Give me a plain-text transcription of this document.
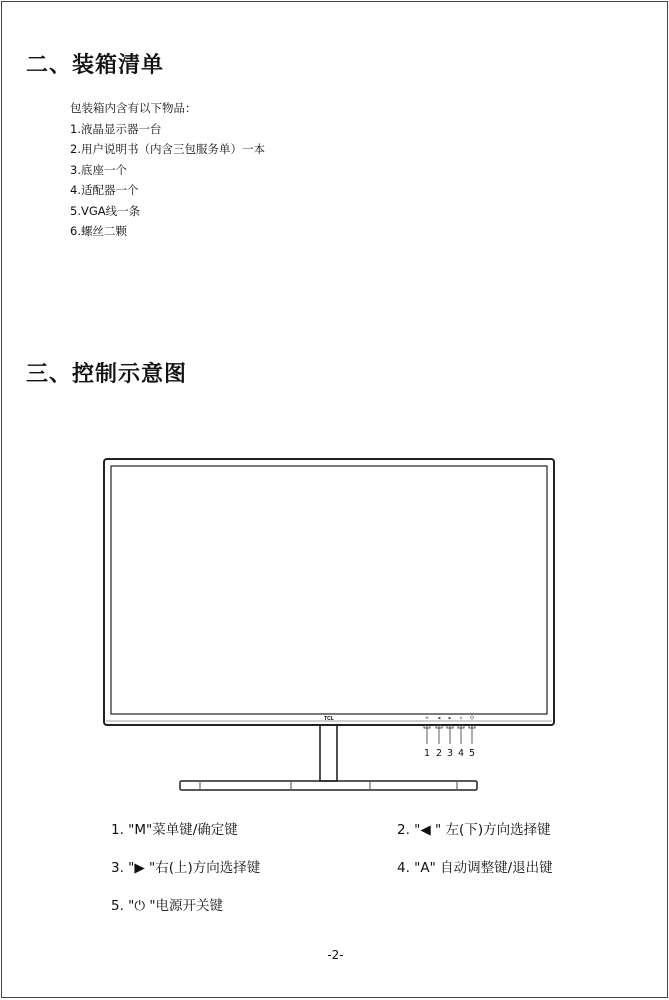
二、装箱清单
包装箱内含有以下物品：
1.液晶显示器一台
2.用户说明书（内含三包服务单）一本
3.底座一个
4.适配器一个
5.VGA线一条
6.螺丝二颗
三、控制示意图
TCL	M	◀ ▶ A
1 2 3 4 5
1. "M"菜单键/确定键	2. "◀ " 左(下)方向选择键
3. "▶ "右(上)方向选择键	4. "A" 自动调整键/退出键
5. "⏻ "电源开关键
-2-
